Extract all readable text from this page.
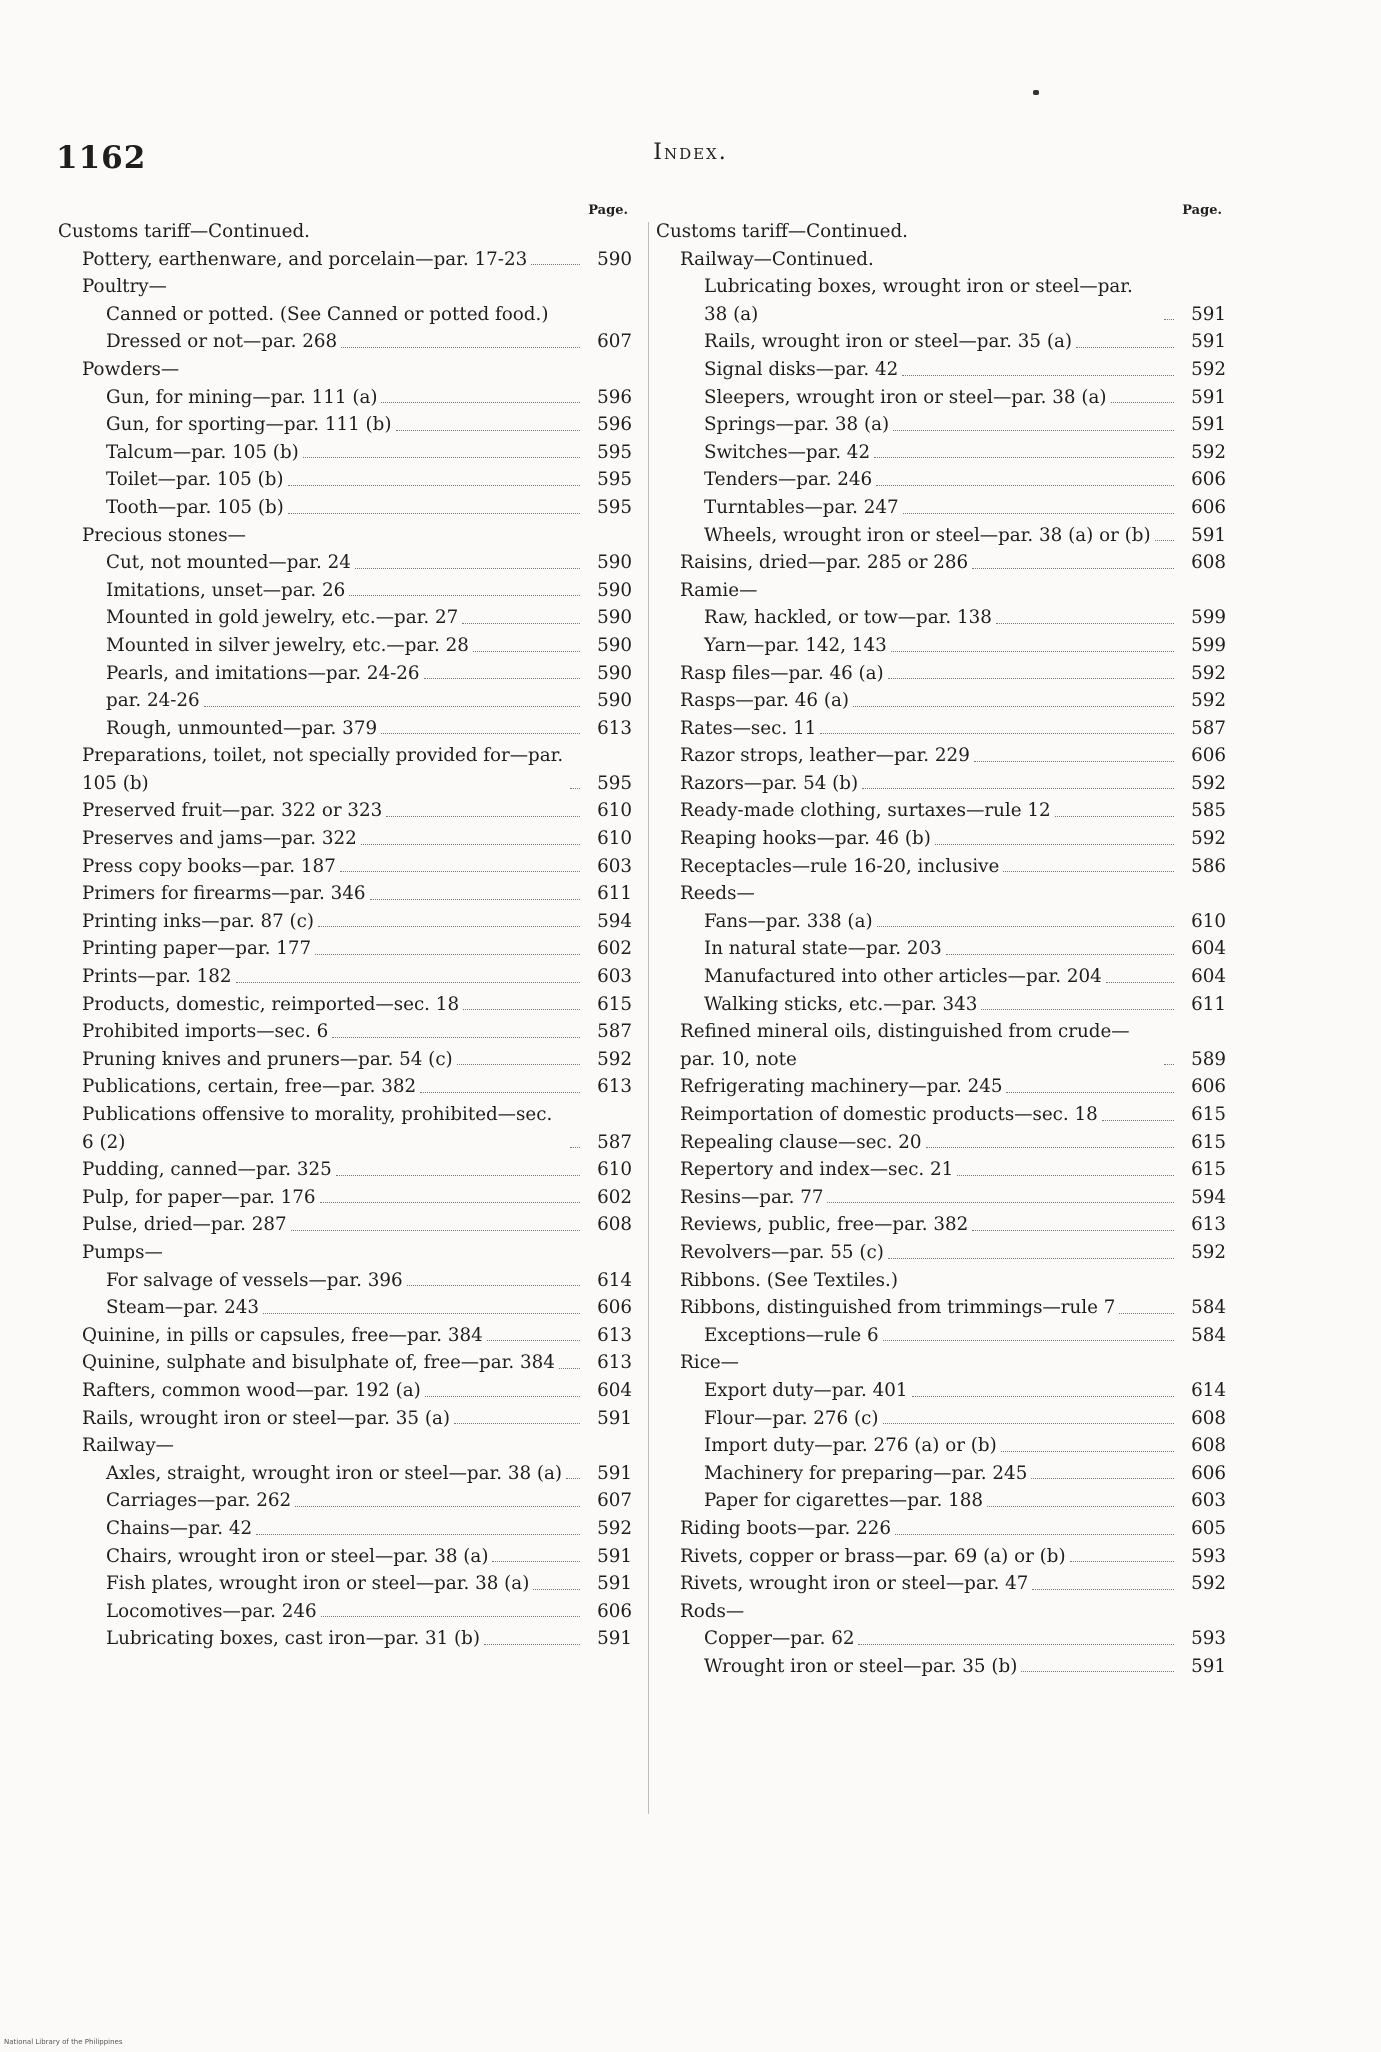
1162	Index.
Page.
Customs tariff—Continued.
Pottery, earthenware, and porcelain—par. 17-23	590
Poultry—
Canned or potted. (See Canned or potted food.)
Dressed or not—par. 268	607
Powders—
Gun, for mining—par. 111 (a)	596
Gun, for sporting—par. 111 (b)	596
Talcum—par. 105 (b)	595
Toilet—par. 105 (b)	595
Tooth—par. 105 (b)	595
Precious stones—
Cut, not mounted—par. 24	590
Imitations, unset—par. 26	590
Mounted in gold jewelry, etc.—par. 27	590
Mounted in silver jewelry, etc.—par. 28	590
Pearls, and imitations—par. 24-26	590
par. 24-26	590
Rough, unmounted—par. 379	613
Preparations, toilet, not specially provided for—par. 105 (b)	595
Preserved fruit—par. 322 or 323	610
Preserves and jams—par. 322	610
Press copy books—par. 187	603
Primers for firearms—par. 346	611
Printing inks—par. 87 (c)	594
Printing paper—par. 177	602
Prints—par. 182	603
Products, domestic, reimported—sec. 18	615
Prohibited imports—sec. 6	587
Pruning knives and pruners—par. 54 (c)	592
Publications, certain, free—par. 382	613
Publications offensive to morality, prohibited—sec. 6 (2)	587
Pudding, canned—par. 325	610
Pulp, for paper—par. 176	602
Pulse, dried—par. 287	608
Pumps—
For salvage of vessels—par. 396	614
Steam—par. 243	606
Quinine, in pills or capsules, free—par. 384	613
Quinine, sulphate and bisulphate of, free—par. 384	613
Rafters, common wood—par. 192 (a)	604
Rails, wrought iron or steel—par. 35 (a)	591
Railway—
Axles, straight, wrought iron or steel—par. 38 (a)	591
Carriages—par. 262	607
Chains—par. 42	592
Chairs, wrought iron or steel—par. 38 (a)	591
Fish plates, wrought iron or steel—par. 38 (a)	591
Locomotives—par. 246	606
Lubricating boxes, cast iron—par. 31 (b)	591
Page.
Customs tariff—Continued.
Railway—Continued.
Lubricating boxes, wrought iron or steel—par. 38 (a)	591
Rails, wrought iron or steel—par. 35 (a)	591
Signal disks—par. 42	592
Sleepers, wrought iron or steel—par. 38 (a)	591
Springs—par. 38 (a)	591
Switches—par. 42	592
Tenders—par. 246	606
Turntables—par. 247	606
Wheels, wrought iron or steel—par. 38 (a) or (b)	591
Raisins, dried—par. 285 or 286	608
Ramie—
Raw, hackled, or tow—par. 138	599
Yarn—par. 142, 143	599
Rasp files—par. 46 (a)	592
Rasps—par. 46 (a)	592
Rates—sec. 11	587
Razor strops, leather—par. 229	606
Razors—par. 54 (b)	592
Ready-made clothing, surtaxes—rule 12	585
Reaping hooks—par. 46 (b)	592
Receptacles—rule 16-20, inclusive	586
Reeds—
Fans—par. 338 (a)	610
In natural state—par. 203	604
Manufactured into other articles—par. 204	604
Walking sticks, etc.—par. 343	611
Refined mineral oils, distinguished from crude—par. 10, note	589
Refrigerating machinery—par. 245	606
Reimportation of domestic products—sec. 18	615
Repealing clause—sec. 20	615
Repertory and index—sec. 21	615
Resins—par. 77	594
Reviews, public, free—par. 382	613
Revolvers—par. 55 (c)	592
Ribbons. (See Textiles.)
Ribbons, distinguished from trimmings—rule 7	584
Exceptions—rule 6	584
Rice—
Export duty—par. 401	614
Flour—par. 276 (c)	608
Import duty—par. 276 (a) or (b)	608
Machinery for preparing—par. 245	606
Paper for cigarettes—par. 188	603
Riding boots—par. 226	605
Rivets, copper or brass—par. 69 (a) or (b)	593
Rivets, wrought iron or steel—par. 47	592
Rods—
Copper—par. 62	593
Wrought iron or steel—par. 35 (b)	591
National Library of the Philippines
